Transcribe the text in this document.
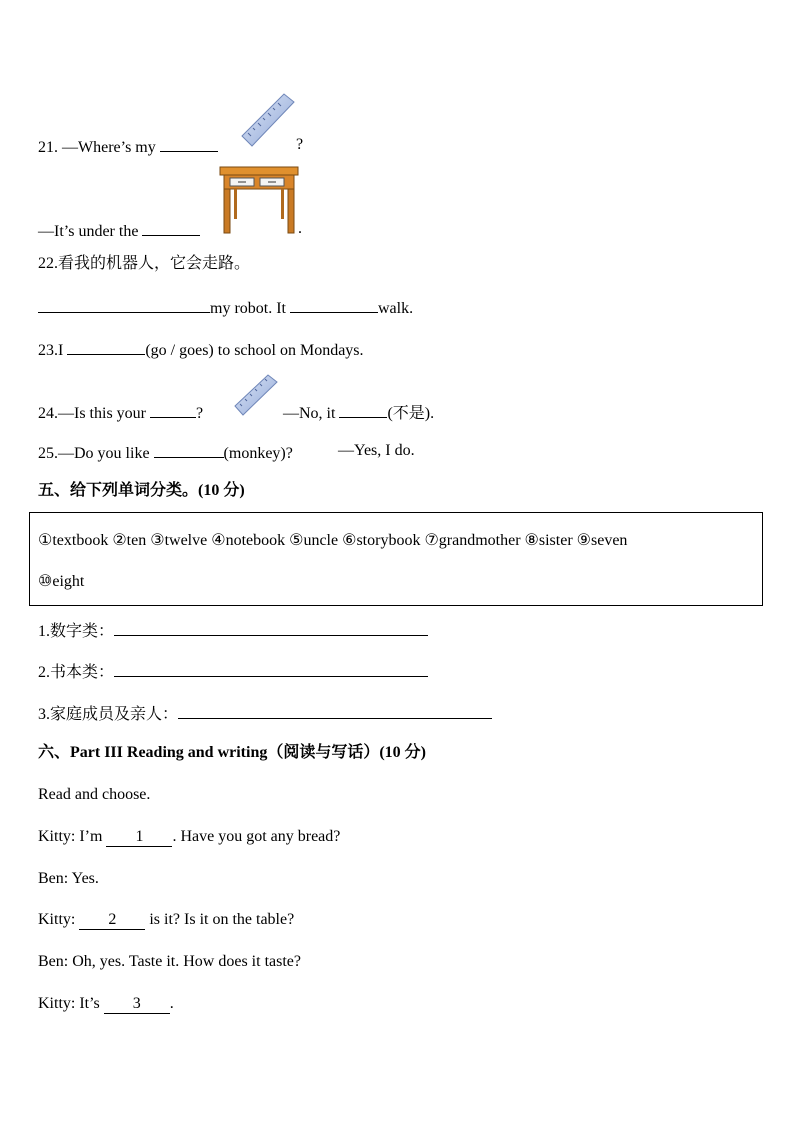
21. —Where’s my	?
—It’s under the	.
22.看我的机器人，它会走路。
my robot. It	walk.
23.I	(go / goes) to school on Mondays.
24.—Is this your	?	—No, it	(不是).
25.—Do you like	(monkey)?	—Yes, I do.
五、给下列单词分类。(10 分)
①textbook ②ten ③twelve ④notebook ⑤uncle ⑥storybook ⑦grandmother ⑧sister ⑨seven
⑩eight
1.数字类：
2.书本类：
3.家庭成员及亲人：
六、Part III Reading and writing（阅读与写话）(10 分)
Read and choose.
Kitty: I’m 1 . Have you got any bread?
Ben: Yes.
Kitty: 2 is it? Is it on the table?
Ben: Oh, yes. Taste it. How does it taste?
Kitty: It’s 3 .
